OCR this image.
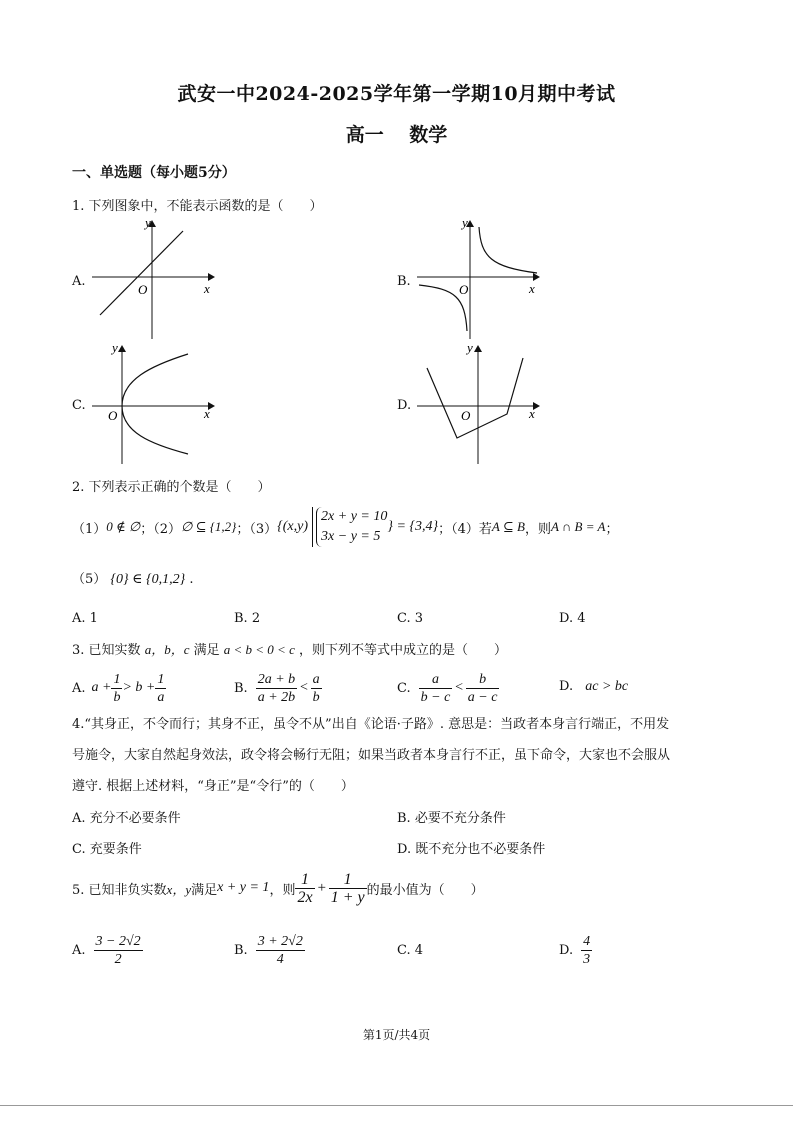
武安一中2024-2025学年第一学期10月期中考试
高一　 数学
一、单选题（每小题5分）
1. 下列图象中，不能表示函数的是（　　）
A.
y
x
O
B.
y
x
O
C.
y
x
O
D.
y
x
O
2. 下列表示正确的个数是（　　）
（1） 0 ∉ ∅ ；（2） ∅ ⊆ {1,2} ；（3） {(x,y)
2x + y = 10
3x − y = 5
} = {3,4} ；（4）若 A ⊆ B ，则 A ∩ B = A ；
（5） {0} ∈ {0,1,2} .
A. 1	B. 2	C. 3	D. 4
3. 已知实数 a，b，c 满足 a < b < 0 < c ，则下列不等式中成立的是（　　）
A. $a + \frac{1}{b} > b + \frac{1}{a}$	B. $\frac{2a + b}{a + 2b} < \frac{a}{b}$	C. $\frac{a}{b - c} < \frac{b}{a - c}$	D. ac > bc
4.“其身正，不令而行；其身不正，虽令不从”出自《论语·子路》. 意思是：当政者本身言行端正，不用发
号施令，大家自然起身效法，政令将会畅行无阻；如果当政者本身言行不正，虽下命令，大家也不会服从
遵守. 根据上述材料，“身正”是“令行”的（　　）
A. 充分不必要条件	B. 必要不充分条件
C. 充要条件	D. 既不充分也不必要条件
5. 已知非负实数 x，y 满足 x + y = 1 ，则 $\frac{1}{2x} + \frac{1}{1 + y}$ 的最小值为（　　）
A. $\frac{3 - 2√2}{2}$	B. $\frac{3 + 2√2}{4}$	C. 4	D. $\frac{4}{3}$
第1页/共4页
